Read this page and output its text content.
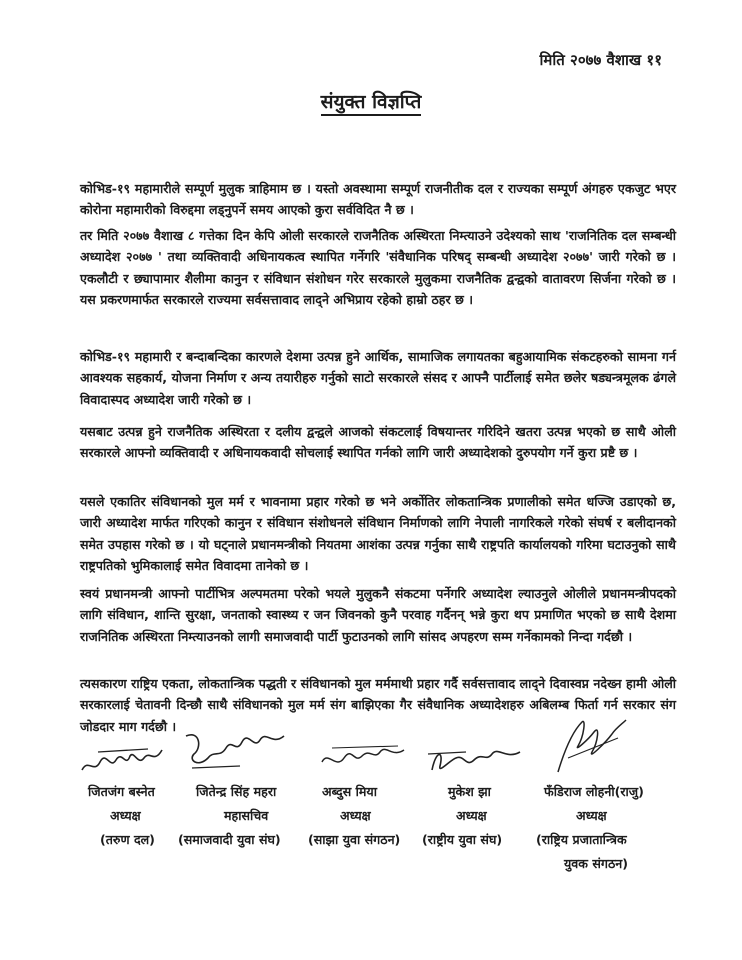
मिति २०७७ वैशाख ११
संयुक्त विज्ञप्ति

कोभिड-१९ महामारीले सम्पूर्ण मुलुक त्राहिमाम छ । यस्तो अवस्थामा सम्पूर्ण राजनीतीक दल र राज्यका सम्पूर्ण अंगहरु एकजुट भएर कोरोना महामारीको विरुद्दमा लड्नुपर्ने समय आएको कुरा सर्वविदित नै छ ।

तर मिति २०७७ वैशाख ८ गत्तेका दिन केपि ओली सरकारले राजनैतिक अस्थिरता निम्त्याउने उदेश्यको साथ 'राजनितिक दल सम्बन्धी अध्यादेश २०७७ ' तथा व्यक्तिवादी अधिनायकत्व स्थापित गर्नेगरि 'संवैधानिक परिषद् सम्बन्धी अध्यादेश २०७७' जारी गरेको छ । एकलौटी र छ्यापामार शैलीमा कानुन र संविधान संशोधन गरेर सरकारले मुलुकमा राजनैतिक द्वन्द्वको वातावरण सिर्जना गरेको छ । यस प्रकरणमार्फत सरकारले राज्यमा सर्वसत्तावाद लाद्ने अभिप्राय रहेको हाम्रो ठहर छ ।

कोभिड-१९ महामारी र बन्दाबन्दिका कारणले देशमा उत्पन्न हुने आर्थिक, सामाजिक लगायतका बहुआयामिक संकटहरुको सामना गर्न आवश्यक सहकार्य, योजना निर्माण र अन्य तयारीहरु गर्नुको साटो सरकारले संसद र आफ्नै पार्टीलाई समेत छलेर षड्यन्त्रमूलक ढंगले विवादास्पद अध्यादेश जारी गरेको छ ।

यसबाट उत्पन्न हुने राजनैतिक अस्थिरता र दलीय द्वन्द्वले आजको संकटलाई विषयान्तर गरिदिने खतरा उत्पन्न भएको छ साथै ओली सरकारले आफ्नो व्यक्तिवादी र अधिनायकवादी सोचलाई स्थापित गर्नको लागि जारी अध्यादेशको दुरुपयोग गर्ने कुरा प्रष्टै छ ।

यसले एकातिर संविधानको मुल मर्म र भावनामा प्रहार गरेको छ भने अर्कोतिर लोकतान्त्रिक प्रणालीको समेत धज्जि उडाएको छ, जारी अध्यादेश मार्फत गरिएको कानुन र संविधान संशोधनले संविधान निर्माणको लागि नेपाली नागरिकले गरेको संघर्ष र बलीदानको समेत उपहास गरेको छ । यो घट्नाले प्रधानमन्त्रीको नियतमा आशंका उत्पन्न गर्नुका साथै राष्ट्रपति कार्यालयको गरिमा घटाउनुको साथै राष्ट्रपतिको भुमिकालाई समेत विवादमा तानेको छ ।

स्वयं प्रधानमन्त्री आफ्नो पार्टीभित्र अल्पमतमा परेको भयले मुलुकनै संकटमा पर्नेगरि अध्यादेश ल्याउनुले ओलीले प्रधानमन्त्रीपदको लागि संविधान, शान्ति सुरक्षा, जनताको स्वास्थ्य र जन जिवनको कुनै परवाह गर्दैनन् भन्ने कुरा थप प्रमाणित भएको छ साथै देशमा राजनितिक अस्थिरता निम्त्याउनको लागी समाजवादी पार्टी फुटाउनको लागि सांसद अपहरण सम्म गर्नेकामको निन्दा गर्दछौ ।

त्यसकारण राष्ट्रिय एकता, लोकतान्त्रिक पद्धती र संविधानको मुल मर्ममाथी प्रहार गर्दै सर्वसत्तावाद लाद्ने दिवास्वप्न नदेख्न हामी ओली सरकारलाई चेतावनी दिन्छौ साथै संविधानको मुल मर्म संग बाझिएका गैर संवैधानिक अध्यादेशहरु अबिलम्ब फिर्ता गर्न सरकार संग जोडदार माग गर्दछौ ।

जितजंग बस्नेत
अध्यक्ष
(तरुण दल)
जितेन्द्र सिंह महरा
महासचिव
(समाजवादी युवा संघ)
अब्दुस मिया
अध्यक्ष
(साझा युवा संगठन)
मुकेश झा
अध्यक्ष
(राष्ट्रीय युवा संघ)
फँडिराज लोहनी(राजु)
अध्यक्ष
(राष्ट्रिय प्रजातान्त्रिक
युवक संगठन)
